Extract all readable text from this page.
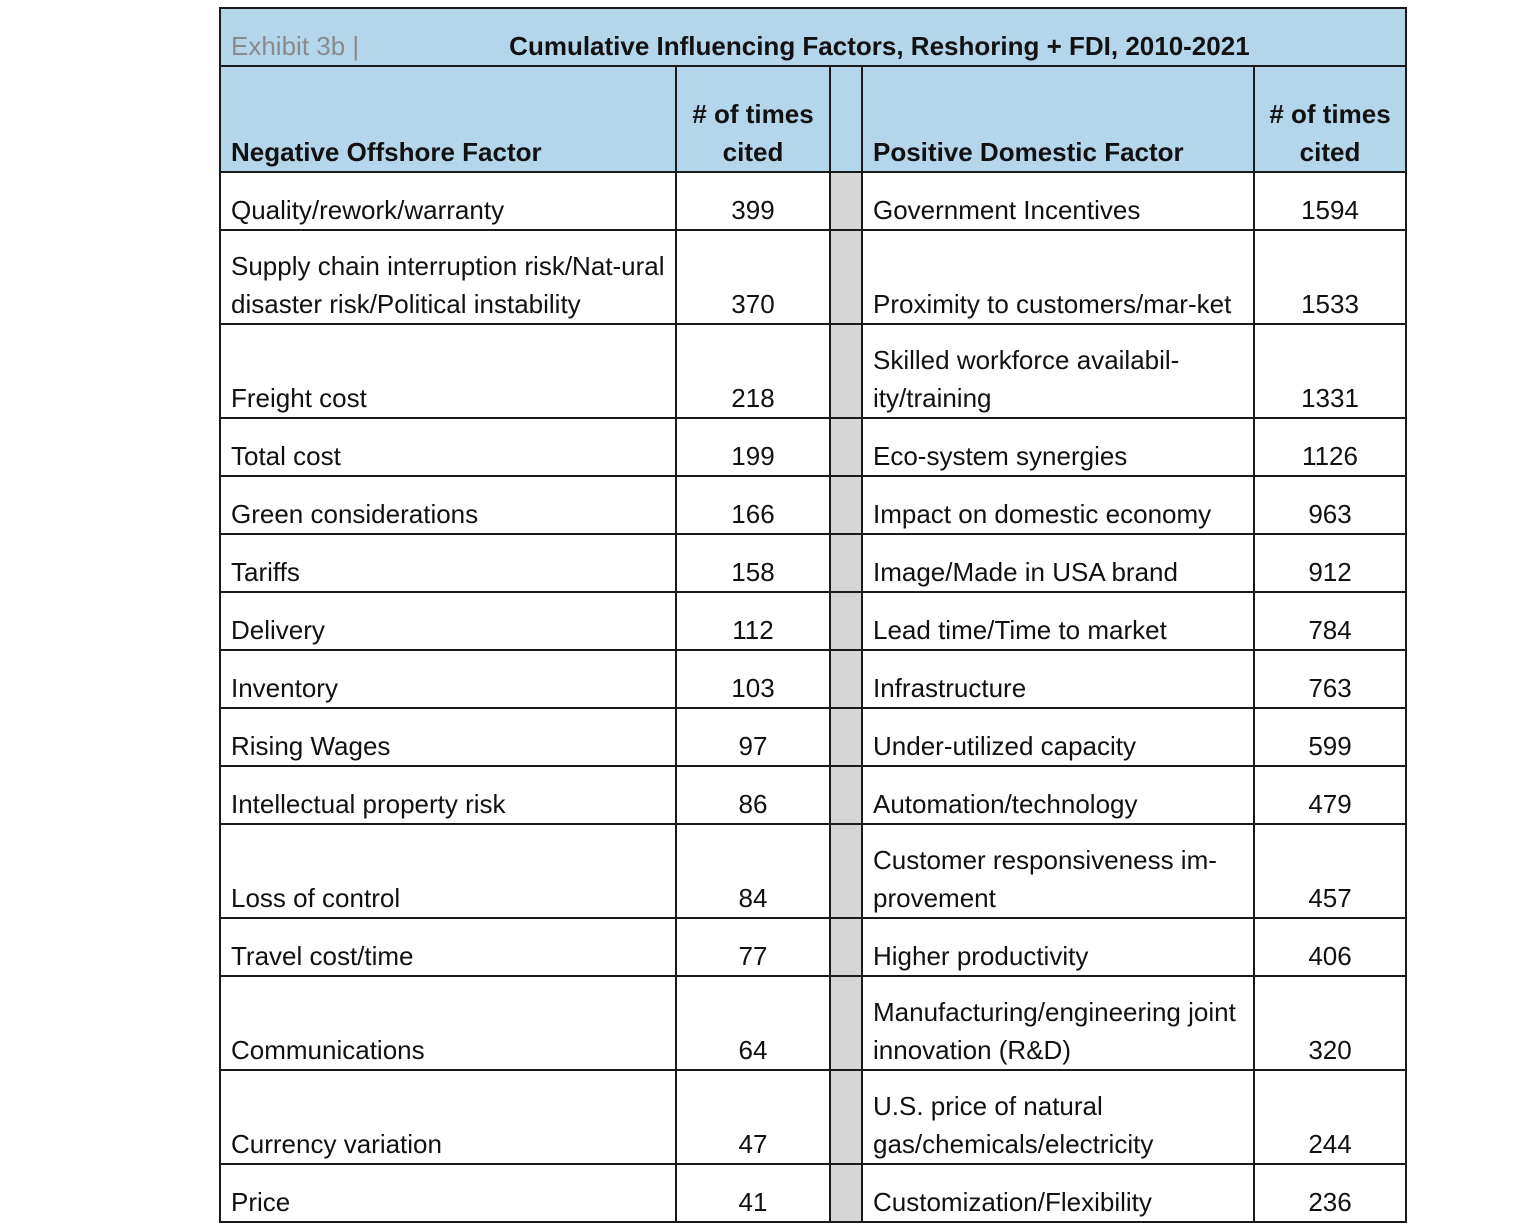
Exhibit 3b | Cumulative Influencing Factors, Reshoring + FDI, 2010-2021				
Negative Offshore Factor	# of times cited		Positive Domestic Factor	# of times cited
Quality/rework/warranty	399		Government Incentives	1594
Supply chain interruption risk/Nat-ural disaster risk/Political instability	370		Proximity to customers/mar-ket	1533
Freight cost	218		Skilled workforce availabil-ity/training	1331
Total cost	199		Eco-system synergies	1126
Green considerations	166		Impact on domestic economy	963
Tariffs	158		Image/Made in USA brand	912
Delivery	112		Lead time/Time to market	784
Inventory	103		Infrastructure	763
Rising Wages	97		Under-utilized capacity	599
Intellectual property risk	86		Automation/technology	479
Loss of control	84		Customer responsiveness im-provement	457
Travel cost/time	77		Higher productivity	406
Communications	64		Manufacturing/engineering joint innovation (R&D)	320
Currency variation	47		U.S. price of natural gas/chemicals/electricity	244
Price	41		Customization/Flexibility	236
